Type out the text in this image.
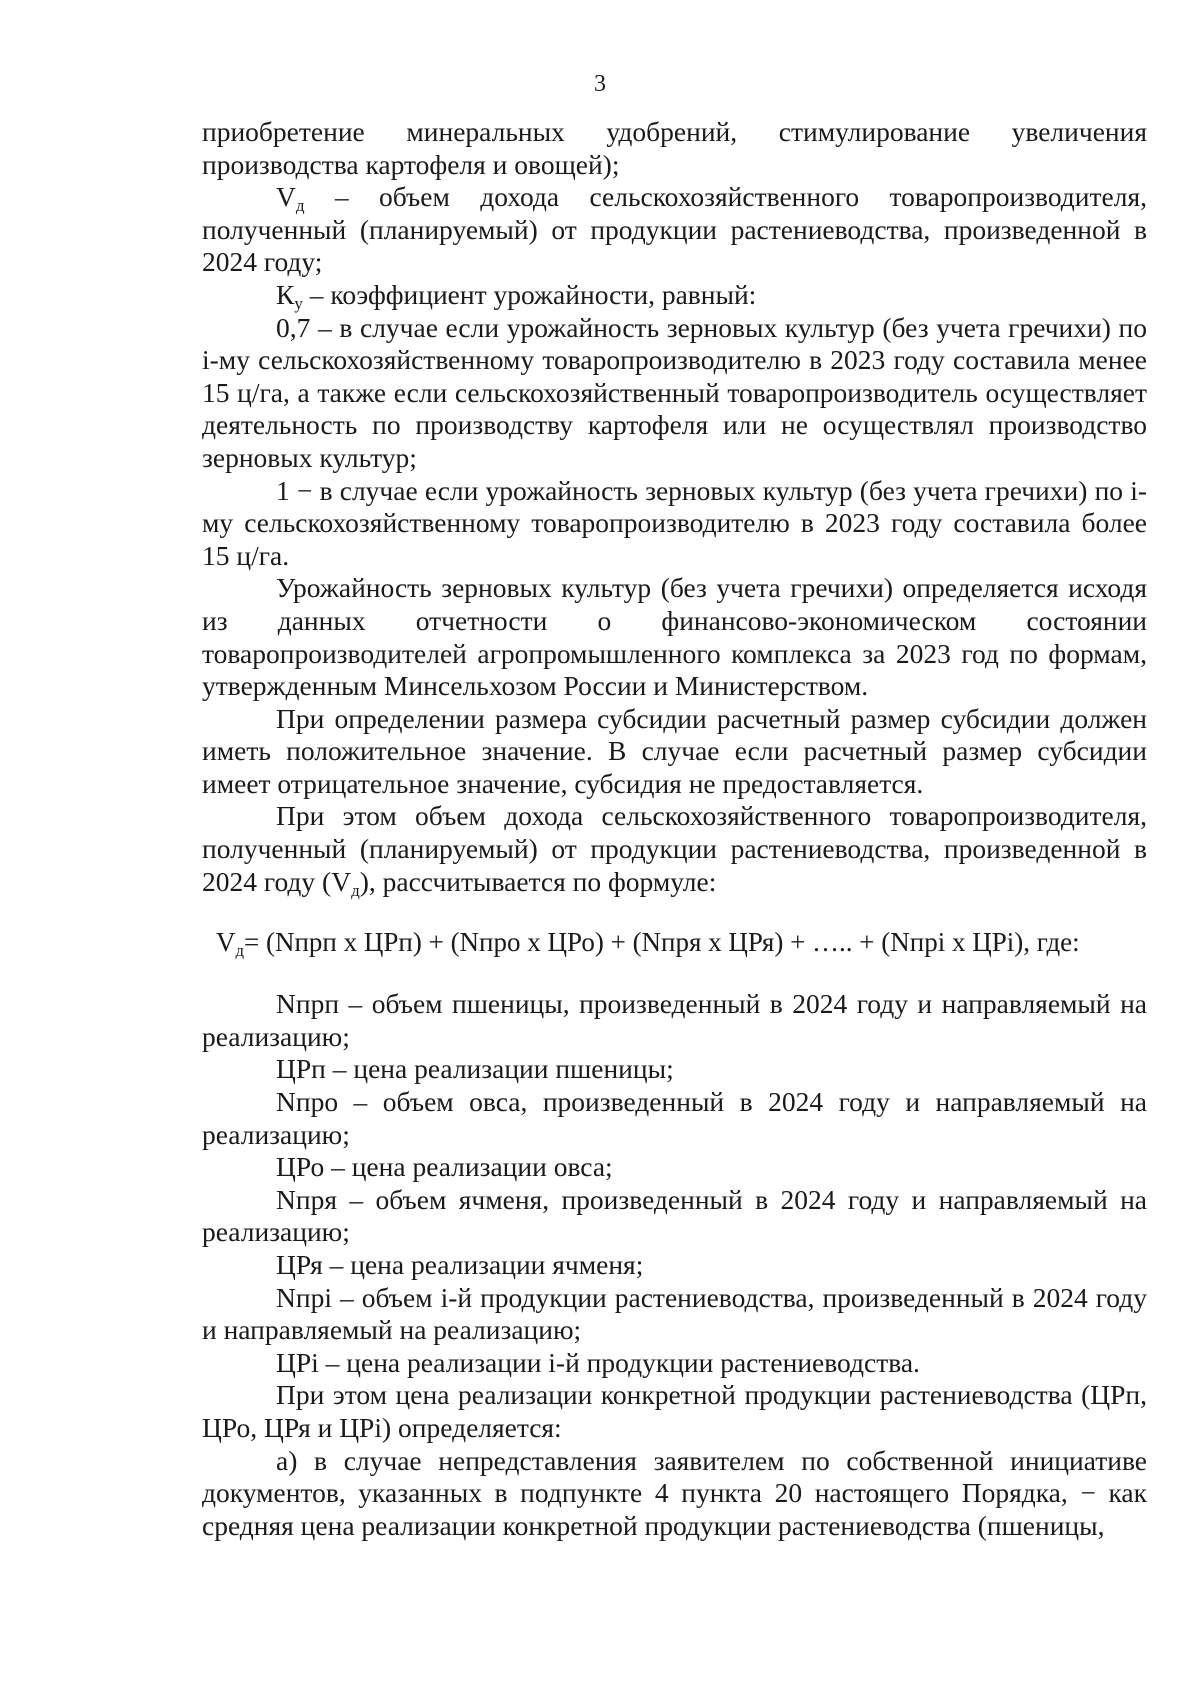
3

приобретение минеральных удобрений, стимулирование увеличения производства картофеля и овощей);

$V_д$ – объем дохода сельскохозяйственного товаропроизводителя, полученный (планируемый) от продукции растениеводства, произведенной в 2024 году;

$К_у$ – коэффициент урожайности, равный:

0,7 – в случае если урожайность зерновых культур (без учета гречихи) по i-му сельскохозяйственному товаропроизводителю в 2023 году составила менее 15 ц/га, а также если сельскохозяйственный товаропроизводитель осуществляет деятельность по производству картофеля или не осуществлял производство зерновых культур;

1 − в случае если урожайность зерновых культур (без учета гречихи) по i-му сельскохозяйственному товаропроизводителю в 2023 году составила более 15 ц/га.

Урожайность зерновых культур (без учета гречихи) определяется исходя из данных отчетности о финансово-экономическом состоянии товаропроизводителей агропромышленного комплекса за 2023 год по формам, утвержденным Минсельхозом России и Министерством.

При определении размера субсидии расчетный размер субсидии должен иметь положительное значение. В случае если расчетный размер субсидии имеет отрицательное значение, субсидия не предоставляется.

При этом объем дохода сельскохозяйственного товаропроизводителя, полученный (планируемый) от продукции растениеводства, произведенной в 2024 году $(V_д)$, рассчитывается по формуле:

$V_д=$ (Nпрп х ЦРп) + (Nпро х ЦРо) + (Nпря х ЦРя) + ….. + (Nпрi х ЦРi), где:

Nпрп – объем пшеницы, произведенный в 2024 году и направляемый на реализацию;

ЦРп – цена реализации пшеницы;

Nпро – объем овса, произведенный в 2024 году и направляемый на реализацию;

ЦРо – цена реализации овса;

Nпря – объем ячменя, произведенный в 2024 году и направляемый на реализацию;

ЦРя – цена реализации ячменя;

Nпрi – объем i-й продукции растениеводства, произведенный в 2024 году и направляемый на реализацию;

ЦРi – цена реализации i-й продукции растениеводства.

При этом цена реализации конкретной продукции растениеводства (ЦРп, ЦРо, ЦРя и ЦРi) определяется:

а) в случае непредставления заявителем по собственной инициативе документов, указанных в подпункте 4 пункта 20 настоящего Порядка, − как средняя цена реализации конкретной продукции растениеводства (пшеницы,
